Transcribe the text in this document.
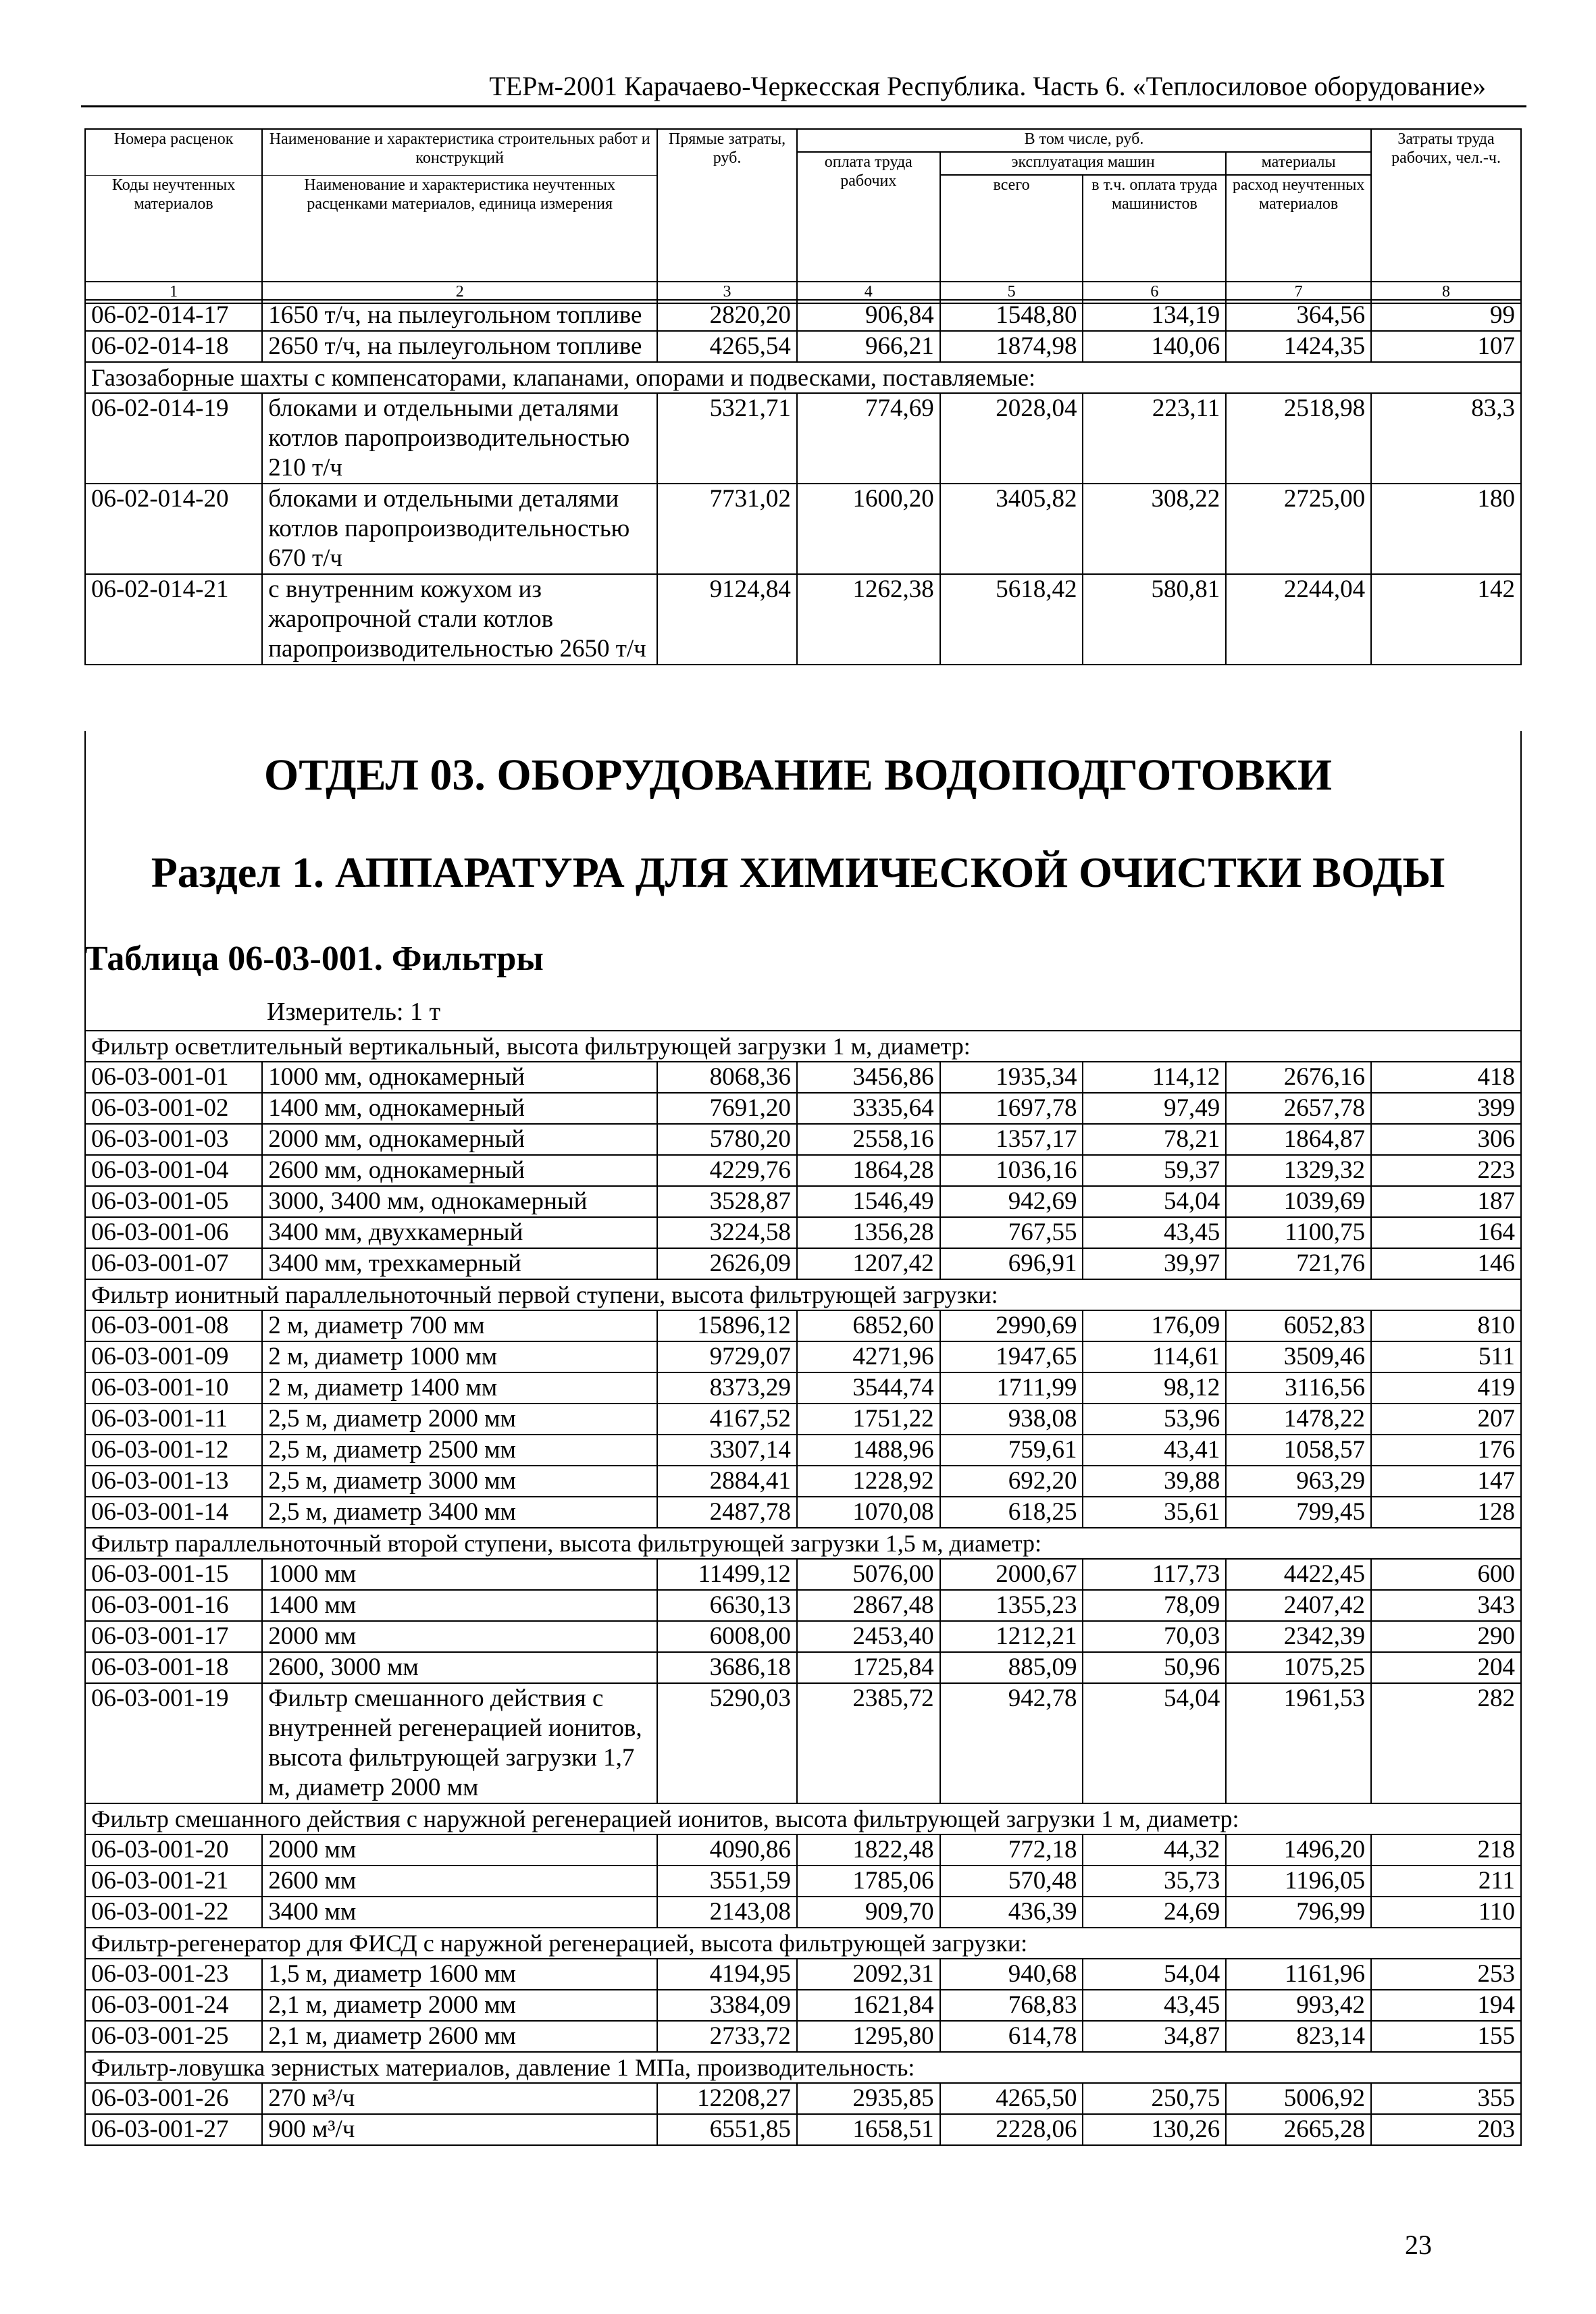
ТЕРм-2001 Карачаево-Черкесская Республика. Часть 6. «Теплосиловое оборудование»
Номера расценок	Наименование и характеристика строительных работ и конструкций	Прямые затраты, руб.	В том числе, руб.				Затраты труда рабочих, чел.-ч.
			оплата труда рабочих	эксплуатация машин		материалы	
Коды неучтенных материалов	Наименование и характеристика неучтенных расценками материалов, единица измерения			всего	в т.ч. оплата труда машинистов	расход неучтенных материалов	

1	2	3	4	5	6	7	8
06-02-014-17	1650 т/ч, на пылеугольном топливе	2820,20	906,84	1548,80	134,19	364,56	99
06-02-014-18	2650 т/ч, на пылеугольном топливе	4265,54	966,21	1874,98	140,06	1424,35	107
Газозаборные шахты с компенсаторами, клапанами, опорами и подвесками, поставляемые:							
06-02-014-19	блоками и отдельными деталями котлов паропроизводительностью 210 т/ч	5321,71	774,69	2028,04	223,11	2518,98	83,3
06-02-014-20	блоками и отдельными деталями котлов паропроизводительностью 670 т/ч	7731,02	1600,20	3405,82	308,22	2725,00	180
06-02-014-21	с внутренним кожухом из жаропрочной стали котлов паропроизводительностью 2650 т/ч	9124,84	1262,38	5618,42	580,81	2244,04	142
ОТДЕЛ 03. ОБОРУДОВАНИЕ ВОДОПОДГОТОВКИ
Раздел 1. АППАРАТУРА ДЛЯ ХИМИЧЕСКОЙ ОЧИСТКИ ВОДЫ
Таблица 06-03-001. Фильтры
Измеритель: 1 т
Фильтр осветлительный вертикальный, высота фильтрующей загрузки 1 м, диаметр:							
06-03-001-01	1000 мм, однокамерный	8068,36	3456,86	1935,34	114,12	2676,16	418
06-03-001-02	1400 мм, однокамерный	7691,20	3335,64	1697,78	97,49	2657,78	399
06-03-001-03	2000 мм, однокамерный	5780,20	2558,16	1357,17	78,21	1864,87	306
06-03-001-04	2600 мм, однокамерный	4229,76	1864,28	1036,16	59,37	1329,32	223
06-03-001-05	3000, 3400 мм, однокамерный	3528,87	1546,49	942,69	54,04	1039,69	187
06-03-001-06	3400 мм, двухкамерный	3224,58	1356,28	767,55	43,45	1100,75	164
06-03-001-07	3400 мм, трехкамерный	2626,09	1207,42	696,91	39,97	721,76	146
Фильтр ионитный параллельноточный первой ступени, высота фильтрующей загрузки:							
06-03-001-08	2 м, диаметр 700 мм	15896,12	6852,60	2990,69	176,09	6052,83	810
06-03-001-09	2 м, диаметр 1000 мм	9729,07	4271,96	1947,65	114,61	3509,46	511
06-03-001-10	2 м, диаметр 1400 мм	8373,29	3544,74	1711,99	98,12	3116,56	419
06-03-001-11	2,5 м, диаметр 2000 мм	4167,52	1751,22	938,08	53,96	1478,22	207
06-03-001-12	2,5 м, диаметр 2500 мм	3307,14	1488,96	759,61	43,41	1058,57	176
06-03-001-13	2,5 м, диаметр 3000 мм	2884,41	1228,92	692,20	39,88	963,29	147
06-03-001-14	2,5 м, диаметр 3400 мм	2487,78	1070,08	618,25	35,61	799,45	128
Фильтр параллельноточный второй ступени, высота фильтрующей загрузки 1,5 м, диаметр:							
06-03-001-15	1000 мм	11499,12	5076,00	2000,67	117,73	4422,45	600
06-03-001-16	1400 мм	6630,13	2867,48	1355,23	78,09	2407,42	343
06-03-001-17	2000 мм	6008,00	2453,40	1212,21	70,03	2342,39	290
06-03-001-18	2600, 3000 мм	3686,18	1725,84	885,09	50,96	1075,25	204
06-03-001-19	Фильтр смешанного действия с внутренней регенерацией ионитов, высота фильтрующей загрузки 1,7 м, диаметр 2000 мм	5290,03	2385,72	942,78	54,04	1961,53	282
Фильтр смешанного действия с наружной регенерацией ионитов, высота фильтрующей загрузки 1 м, диаметр:							
06-03-001-20	2000 мм	4090,86	1822,48	772,18	44,32	1496,20	218
06-03-001-21	2600 мм	3551,59	1785,06	570,48	35,73	1196,05	211
06-03-001-22	3400 мм	2143,08	909,70	436,39	24,69	796,99	110
Фильтр-регенератор для ФИСД с наружной регенерацией, высота фильтрующей загрузки:							
06-03-001-23	1,5 м, диаметр 1600 мм	4194,95	2092,31	940,68	54,04	1161,96	253
06-03-001-24	2,1 м, диаметр 2000 мм	3384,09	1621,84	768,83	43,45	993,42	194
06-03-001-25	2,1 м, диаметр 2600 мм	2733,72	1295,80	614,78	34,87	823,14	155
Фильтр-ловушка зернистых материалов, давление 1 МПа, производительность:							
06-03-001-26	270 м³/ч	12208,27	2935,85	4265,50	250,75	5006,92	355
06-03-001-27	900 м³/ч	6551,85	1658,51	2228,06	130,26	2665,28	203
23
